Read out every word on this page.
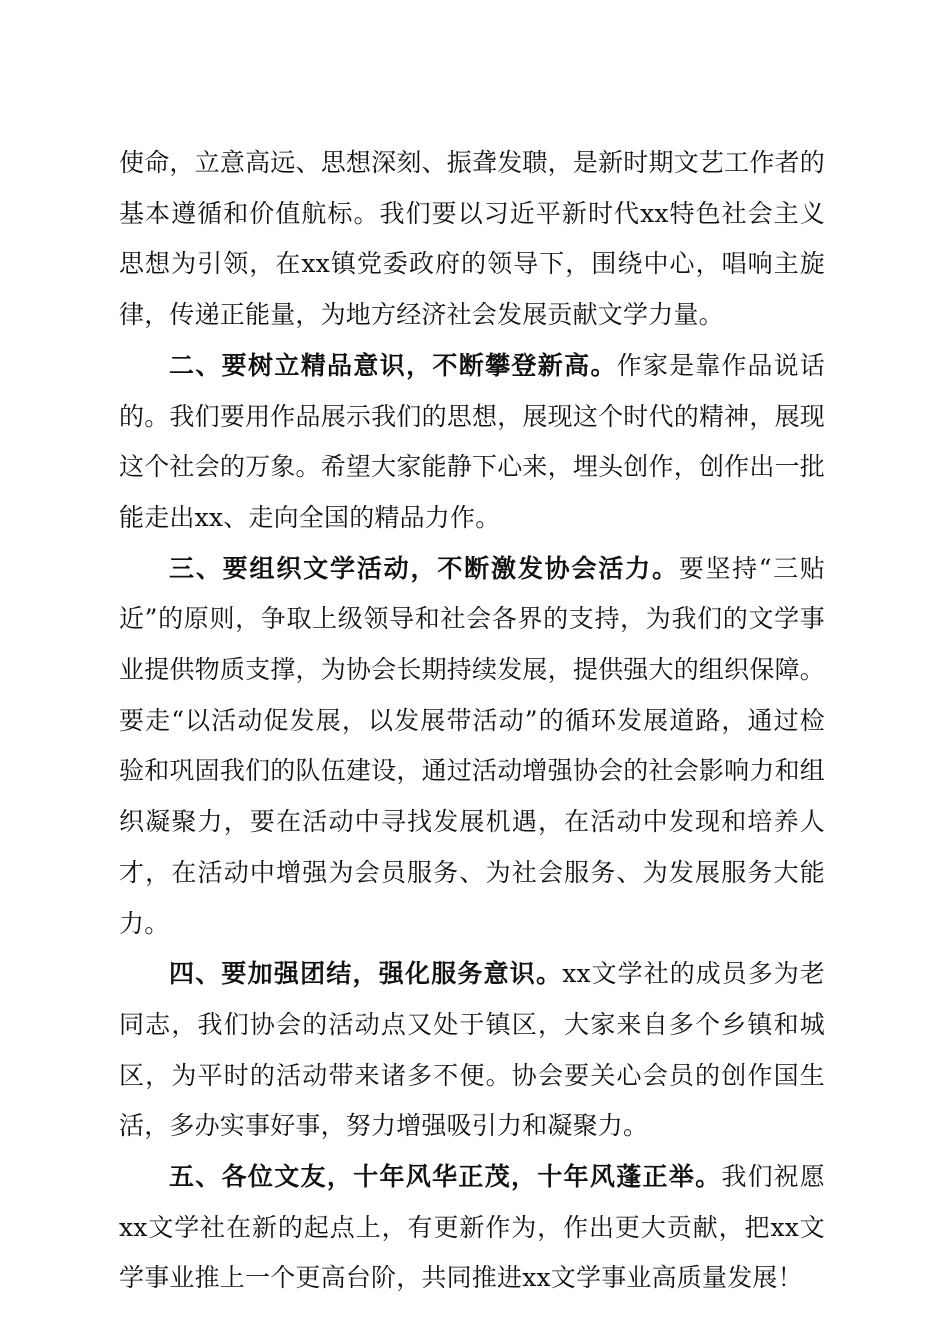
使命，立意高远、思想深刻、振聋发聩，是新时期文艺工作者的基本遵循和价值航标。我们要以习近平新时代xx特色社会主义思想为引领，在xx镇党委政府的领导下，围绕中心，唱响主旋律，传递正能量，为地方经济社会发展贡献文学力量。

二、要树立精品意识，不断攀登新高。作家是靠作品说话的。我们要用作品展示我们的思想，展现这个时代的精神，展现这个社会的万象。希望大家能静下心来，埋头创作，创作出一批能走出xx、走向全国的精品力作。

三、要组织文学活动，不断激发协会活力。要坚持“三贴近”的原则，争取上级领导和社会各界的支持，为我们的文学事业提供物质支撑，为协会长期持续发展，提供强大的组织保障。要走“以活动促发展，以发展带活动”的循环发展道路，通过检验和巩固我们的队伍建设，通过活动增强协会的社会影响力和组织凝聚力，要在活动中寻找发展机遇，在活动中发现和培养人才，在活动中增强为会员服务、为社会服务、为发展服务大能力。

四、要加强团结，强化服务意识。xx文学社的成员多为老同志，我们协会的活动点又处于镇区，大家来自多个乡镇和城区，为平时的活动带来诸多不便。协会要关心会员的创作国生活，多办实事好事，努力增强吸引力和凝聚力。

五、各位文友，十年风华正茂，十年风蓬正举。我们祝愿xx文学社在新的起点上，有更新作为，作出更大贡献，把xx文学事业推上一个更高台阶，共同推进xx文学事业高质量发展！
